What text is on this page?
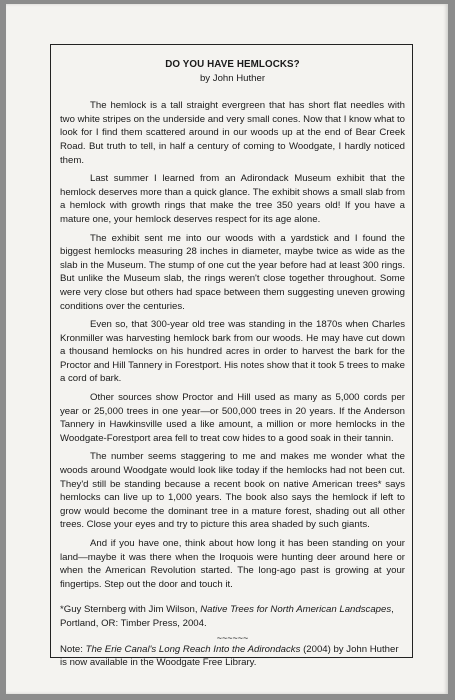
DO YOU HAVE HEMLOCKS?

by John Huther

The hemlock is a tall straight evergreen that has short flat needles with two white stripes on the underside and very small cones. Now that I know what to look for I find them scattered around in our woods up at the end of Bear Creek Road. But truth to tell, in half a century of coming to Woodgate, I hardly noticed them.

Last summer I learned from an Adirondack Museum exhibit that the hemlock deserves more than a quick glance. The exhibit shows a small slab from a hemlock with growth rings that make the tree 350 years old! If you have a mature one, your hemlock deserves respect for its age alone.

The exhibit sent me into our woods with a yardstick and I found the biggest hemlocks measuring 28 inches in diameter, maybe twice as wide as the slab in the Museum. The stump of one cut the year before had at least 300 rings. But unlike the Museum slab, the rings weren't close together throughout. Some were very close but others had space between them suggesting uneven growing conditions over the centuries.

Even so, that 300-year old tree was standing in the 1870s when Charles Kronmiller was harvesting hemlock bark from our woods. He may have cut down a thousand hemlocks on his hundred acres in order to harvest the bark for the Proctor and Hill Tannery in Forestport. His notes show that it took 5 trees to make a cord of bark.

Other sources show Proctor and Hill used as many as 5,000 cords per year or 25,000 trees in one year—or 500,000 trees in 20 years. If the Anderson Tannery in Hawkinsville used a like amount, a million or more hemlocks in the Woodgate-Forestport area fell to treat cow hides to a good soak in their tannin.

The number seems staggering to me and makes me wonder what the woods around Woodgate would look like today if the hemlocks had not been cut. They'd still be standing because a recent book on native American trees* says hemlocks can live up to 1,000 years. The book also says the hemlock if left to grow would become the dominant tree in a mature forest, shading out all other trees. Close your eyes and try to picture this area shaded by such giants.

And if you have one, think about how long it has been standing on your land—maybe it was there when the Iroquois were hunting deer around here or when the American Revolution started. The long-ago past is growing at your fingertips. Step out the door and touch it.

*Guy Sternberg with Jim Wilson, Native Trees for North American Landscapes, Portland, OR: Timber Press, 2004.

~~~~~~

Note: The Erie Canal's Long Reach Into the Adirondacks (2004) by John Huther is now available in the Woodgate Free Library.
